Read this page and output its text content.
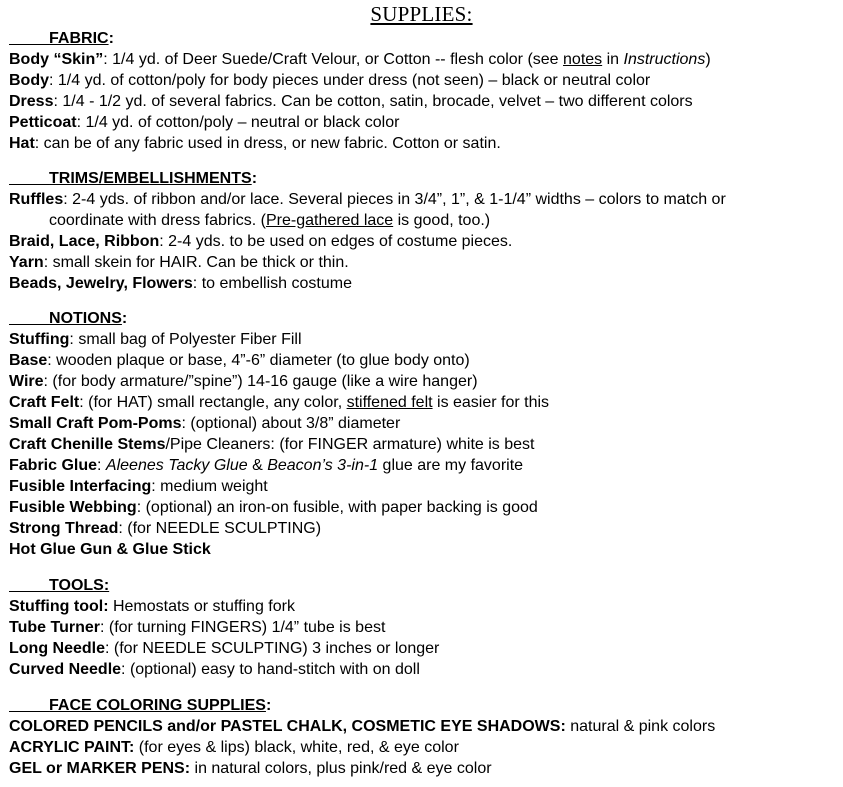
SUPPLIES:
FABRIC:
Body “Skin”: 1/4 yd. of Deer Suede/Craft Velour, or Cotton -- flesh color (see notes in Instructions)
Body: 1/4 yd. of cotton/poly for body pieces under dress (not seen) – black or neutral color
Dress: 1/4 - 1/2 yd. of several fabrics. Can be cotton, satin, brocade, velvet – two different colors
Petticoat: 1/4 yd. of cotton/poly – neutral or black color
Hat: can be of any fabric used in dress, or new fabric. Cotton or satin.
TRIMS/EMBELLISHMENTS:
Ruffles: 2-4 yds. of ribbon and/or lace. Several pieces in 3/4”, 1”, & 1-1/4” widths – colors to match or
coordinate with dress fabrics. (Pre-gathered lace is good, too.)
Braid, Lace, Ribbon: 2-4 yds. to be used on edges of costume pieces.
Yarn: small skein for HAIR. Can be thick or thin.
Beads, Jewelry, Flowers: to embellish costume
NOTIONS:
Stuffing: small bag of Polyester Fiber Fill
Base: wooden plaque or base, 4”-6” diameter (to glue body onto)
Wire: (for body armature/”spine”) 14-16 gauge (like a wire hanger)
Craft Felt: (for HAT) small rectangle, any color, stiffened felt is easier for this
Small Craft Pom-Poms: (optional) about 3/8” diameter
Craft Chenille Stems/Pipe Cleaners: (for FINGER armature) white is best
Fabric Glue: Aleenes Tacky Glue & Beacon’s 3-in-1 glue are my favorite
Fusible Interfacing: medium weight
Fusible Webbing: (optional) an iron-on fusible, with paper backing is good
Strong Thread: (for NEEDLE SCULPTING)
Hot Glue Gun & Glue Stick
TOOLS:
Stuffing tool: Hemostats or stuffing fork
Tube Turner: (for turning FINGERS) 1/4” tube is best
Long Needle: (for NEEDLE SCULPTING) 3 inches or longer
Curved Needle: (optional) easy to hand-stitch with on doll
FACE COLORING SUPPLIES:
COLORED PENCILS and/or PASTEL CHALK, COSMETIC EYE SHADOWS: natural & pink colors
ACRYLIC PAINT: (for eyes & lips) black, white, red, & eye color
GEL or MARKER PENS: in natural colors, plus pink/red & eye color
